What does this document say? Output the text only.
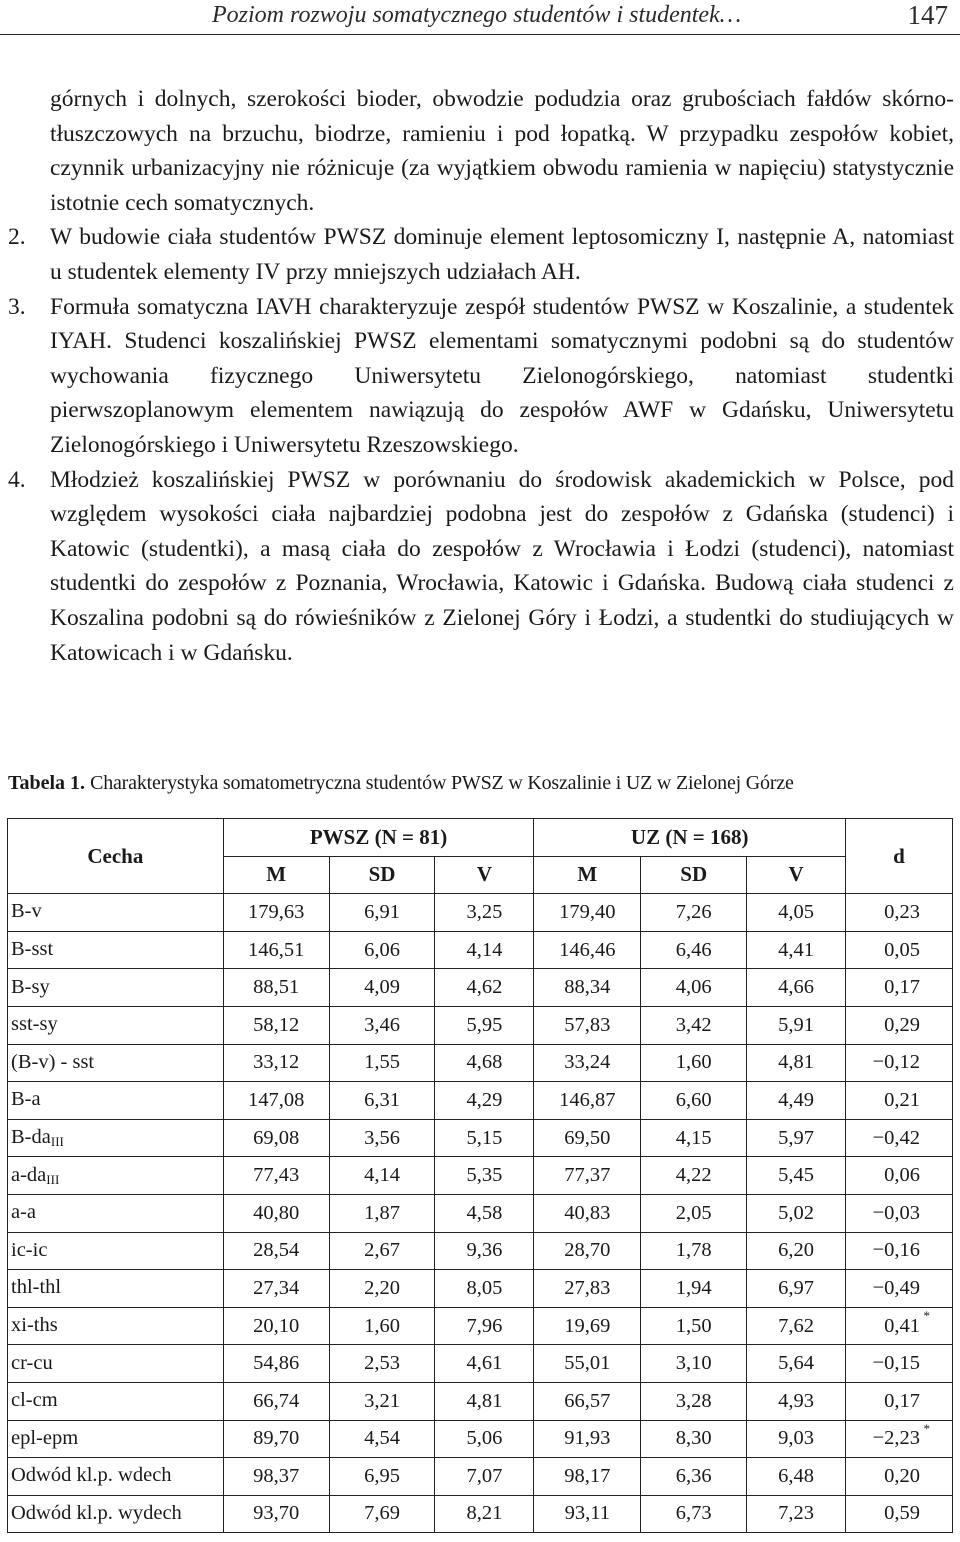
Poziom rozwoju somatycznego studentów i studentek…	147

górnych i dolnych, szerokości bioder, obwodzie podudzia oraz grubościach fałdów skórno-tłuszczowych na brzuchu, biodrze, ramieniu i pod łopatką. W przypadku zespołów kobiet, czynnik urbanizacyjny nie różnicuje (za wyjątkiem obwodu ramienia w napięciu) statystycznie istotnie cech somatycznych.

2. W budowie ciała studentów PWSZ dominuje element leptosomiczny I, następnie A, natomiast u studentek elementy IV przy mniejszych udziałach AH.

3. Formuła somatyczna IAVH charakteryzuje zespół studentów PWSZ w Koszalinie, a studentek IYAH. Studenci koszalińskiej PWSZ elementami somatycznymi podobni są do studentów wychowania fizycznego Uniwersytetu Zielonogórskiego, natomiast studentki pierwszoplanowym elementem nawiązują do zespołów AWF w Gdańsku, Uniwersytetu Zielonogórskiego i Uniwersytetu Rzeszowskiego.

4. Młodzież koszalińskiej PWSZ w porównaniu do środowisk akademickich w Polsce, pod względem wysokości ciała najbardziej podobna jest do zespołów z Gdańska (studenci) i Katowic (studentki), a masą ciała do zespołów z Wrocławia i Łodzi (studenci), natomiast studentki do zespołów z Poznania, Wrocławia, Katowic i Gdańska. Budową ciała studenci z Koszalina podobni są do rówieśników z Zielonej Góry i Łodzi, a studentki do studiujących w Katowicach i w Gdańsku.

Tabela 1. Charakterystyka somatometryczna studentów PWSZ w Koszalinie i UZ w Zielonej Górze
Cecha	PWSZ (N = 81)			UZ (N = 168)			d
	M	SD	V	M	SD	V	
B-v	179,63	6,91	3,25	179,40	7,26	4,05	0,23

B-sst	146,51	6,06	4,14	146,46	6,46	4,41	0,05

B-sy	88,51	4,09	4,62	88,34	4,06	4,66	0,17

sst-sy	58,12	3,46	5,95	57,83	3,42	5,91	0,29

(B-v) - sst	33,12	1,55	4,68	33,24	1,60	4,81	−0,12

B-a	147,08	6,31	4,29	146,87	6,60	4,49	0,21

$B-da_{III}$	69,08	3,56	5,15	69,50	4,15	5,97	−0,42

$a-da_{III}$	77,43	4,14	5,35	77,37	4,22	5,45	0,06

a-a	40,80	1,87	4,58	40,83	2,05	5,02	−0,03

ic-ic	28,54	2,67	9,36	28,70	1,78	6,20	−0,16

thl-thl	27,34	2,20	8,05	27,83	1,94	6,97	−0,49

xi-ths	20,10	1,60	7,96	19,69	1,50	7,62	0,41 *

cr-cu	54,86	2,53	4,61	55,01	3,10	5,64	−0,15

cl-cm	66,74	3,21	4,81	66,57	3,28	4,93	0,17

epl-epm	89,70	4,54	5,06	91,93	8,30	9,03	−2,23 *

Odwód kl.p. wdech	98,37	6,95	7,07	98,17	6,36	6,48	0,20

Odwód kl.p. wydech	93,70	7,69	8,21	93,11	6,73	7,23	0,59
